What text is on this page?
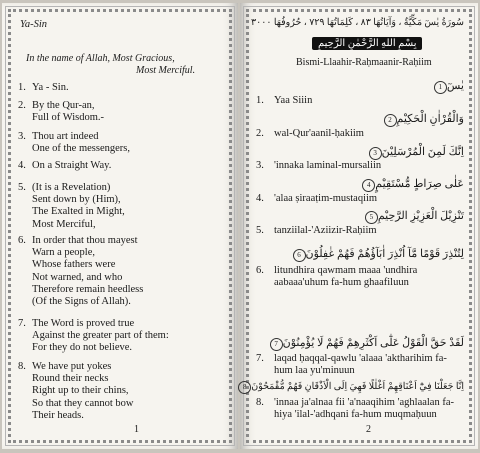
Ya-Sin
In the name of Allah, Most Gracious,
Most Merciful.
1. Ya - Sin.
2. By the Qur-an,
Full of Wisdom.-
3. Thou art indeed
One of the messengers,
4. On a Straight Way.
5. (It is a Revelation)
Sent down by (Him),
The Exalted in Might,
Most Merciful,
6. In order that thou mayest
Warn a people,
Whose fathers were
Not warned, and who
Therefore remain heedless
(Of the Signs of Allah).
7. The Word is proved true
Against the greater part of them:
For they do not believe.
8. We have put yokes
Round their necks
Right up to their chins,
So that they cannot bow
Their heads.
1
سُورَةُ يٰسٓ مَكِّيَّةٌ ، وَآيَاتُهَا ٨٣ ، كَلِمَاتُهَا ٧٢٩ ، حُرُوفُهَا ٣٠٠٠
بِسْمِ اللهِ الرَّحْمٰنِ الرَّحِيمِ
Bismi-Llaahir-Raḥmaanir-Raḥiim
يٰسٓ1
1. Yaa Siiin
وَالْقُرْاٰنِ الْحَكِيْمِ2
2. wal-Qur'aanil-ḥakiim
اِنَّكَ لَمِنَ الْمُرْسَلِيْنَ3
3. 'innaka laminal-mursaliin
عَلٰى صِرَاطٍ مُّسْتَقِيْمٍ4
4. 'alaa ṣiraaṭim-mustaqiim
تَنْزِيْلَ الْعَزِيْزِ الرَّحِيْمِ5
5. tanziilal-'Aziizir-Raḥiim
لِتُنْذِرَ قَوْمًا مَّآ اُنْذِرَ اٰبَآؤُهُمْ فَهُمْ غٰفِلُوْنَ6
6. litundhira qawmam maaa 'undhira
aabaaa'uhum fa-hum ghaafiluun
لَقَدْ حَقَّ الْقَوْلُ عَلٰٓى اَكْثَرِهِمْ فَهُمْ لَا يُؤْمِنُوْنَ7
7. laqad ḥaqqal-qawlu 'alaaa 'aktharihim fa-
hum laa yu'minuun
اِنَّا جَعَلْنَا فِيْٓ اَعْنَاقِهِمْ اَغْلٰلًا فَهِيَ اِلَى الْاَذْقَانِ فَهُمْ مُّقْمَحُوْنَ8
8. 'innaa ja'alnaa fii 'a'naaqihim 'aghlaalan fa-
hiya 'ilal-'adhqani fa-hum muqmaḥuun
2
